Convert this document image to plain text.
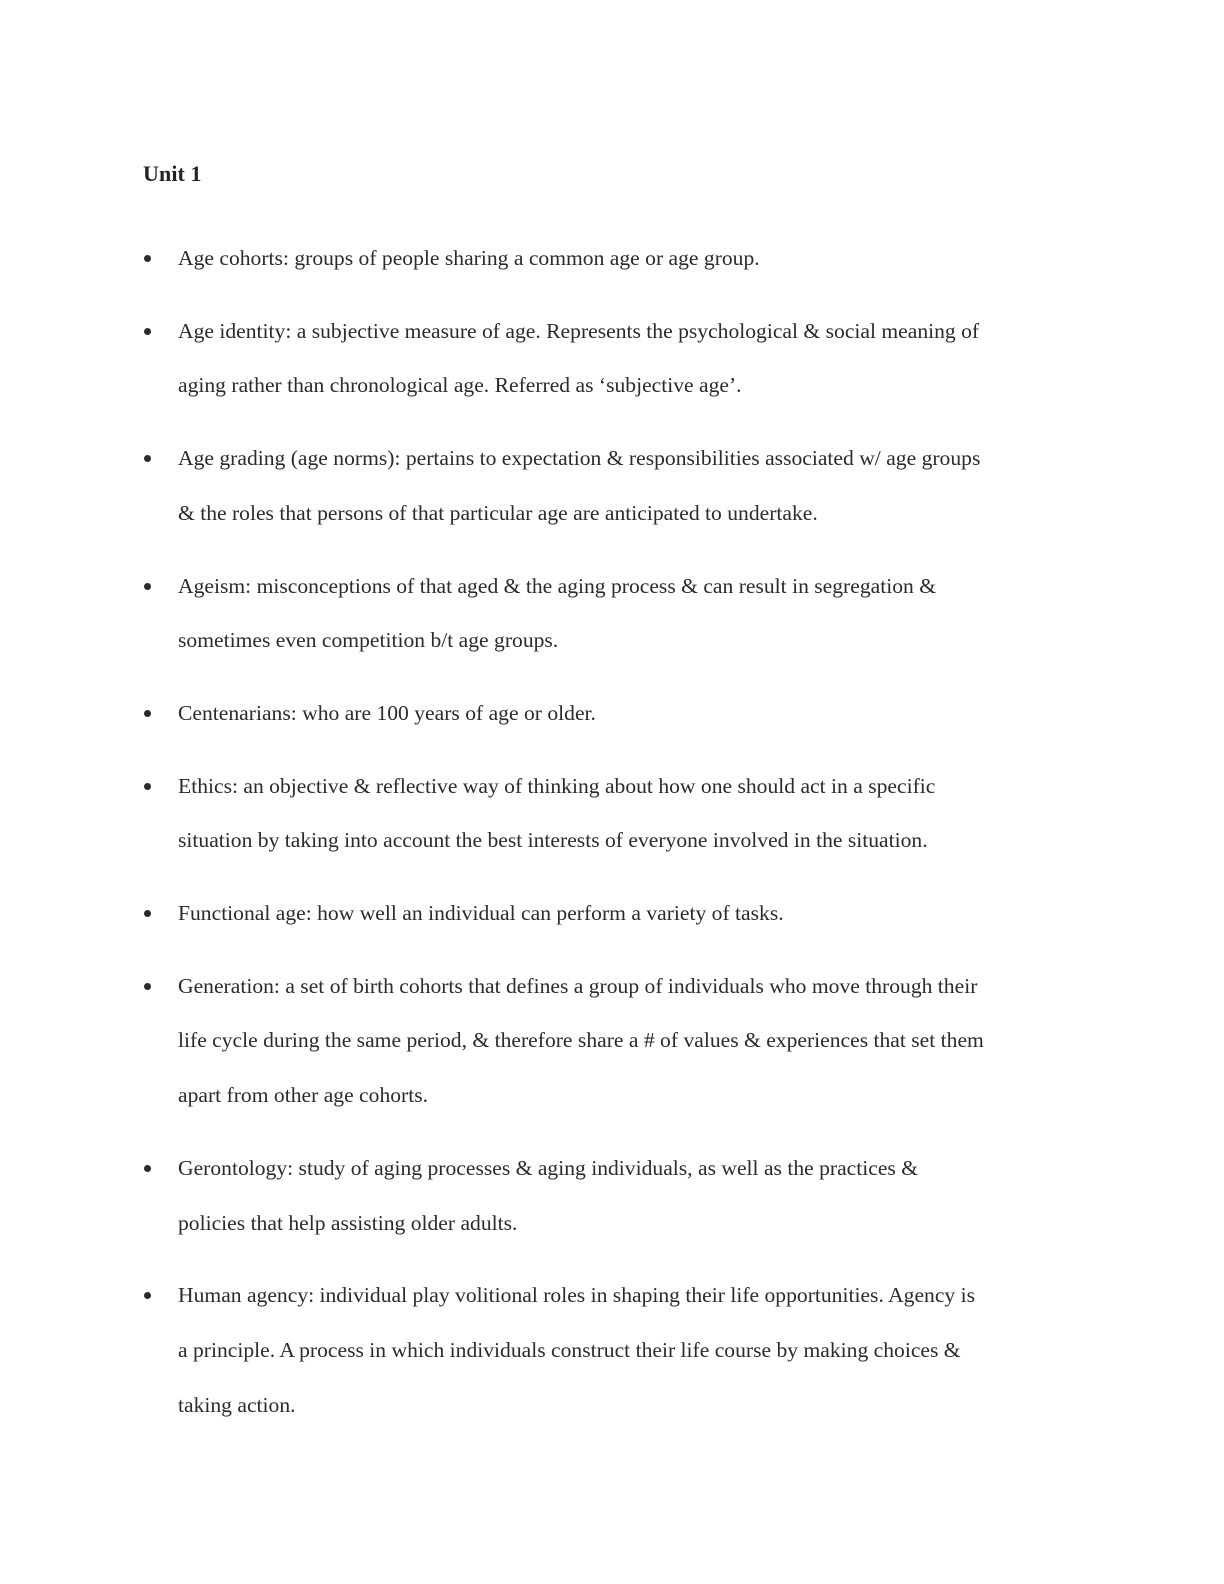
Unit 1
Age cohorts: groups of people sharing a common age or age group.
Age identity: a subjective measure of age. Represents the psychological & social meaning of
aging rather than chronological age. Referred as ‘subjective age’.
Age grading (age norms): pertains to expectation & responsibilities associated w/ age groups
& the roles that persons of that particular age are anticipated to undertake.
Ageism: misconceptions of that aged & the aging process & can result in segregation &
sometimes even competition b/t age groups.
Centenarians: who are 100 years of age or older.
Ethics: an objective & reflective way of thinking about how one should act in a specific
situation by taking into account the best interests of everyone involved in the situation.
Functional age: how well an individual can perform a variety of tasks.
Generation: a set of birth cohorts that defines a group of individuals who move through their
life cycle during the same period, & therefore share a # of values & experiences that set them
apart from other age cohorts.
Gerontology: study of aging processes & aging individuals, as well as the practices &
policies that help assisting older adults.
Human agency: individual play volitional roles in shaping their life opportunities. Agency is
a principle. A process in which individuals construct their life course by making choices &
taking action.
